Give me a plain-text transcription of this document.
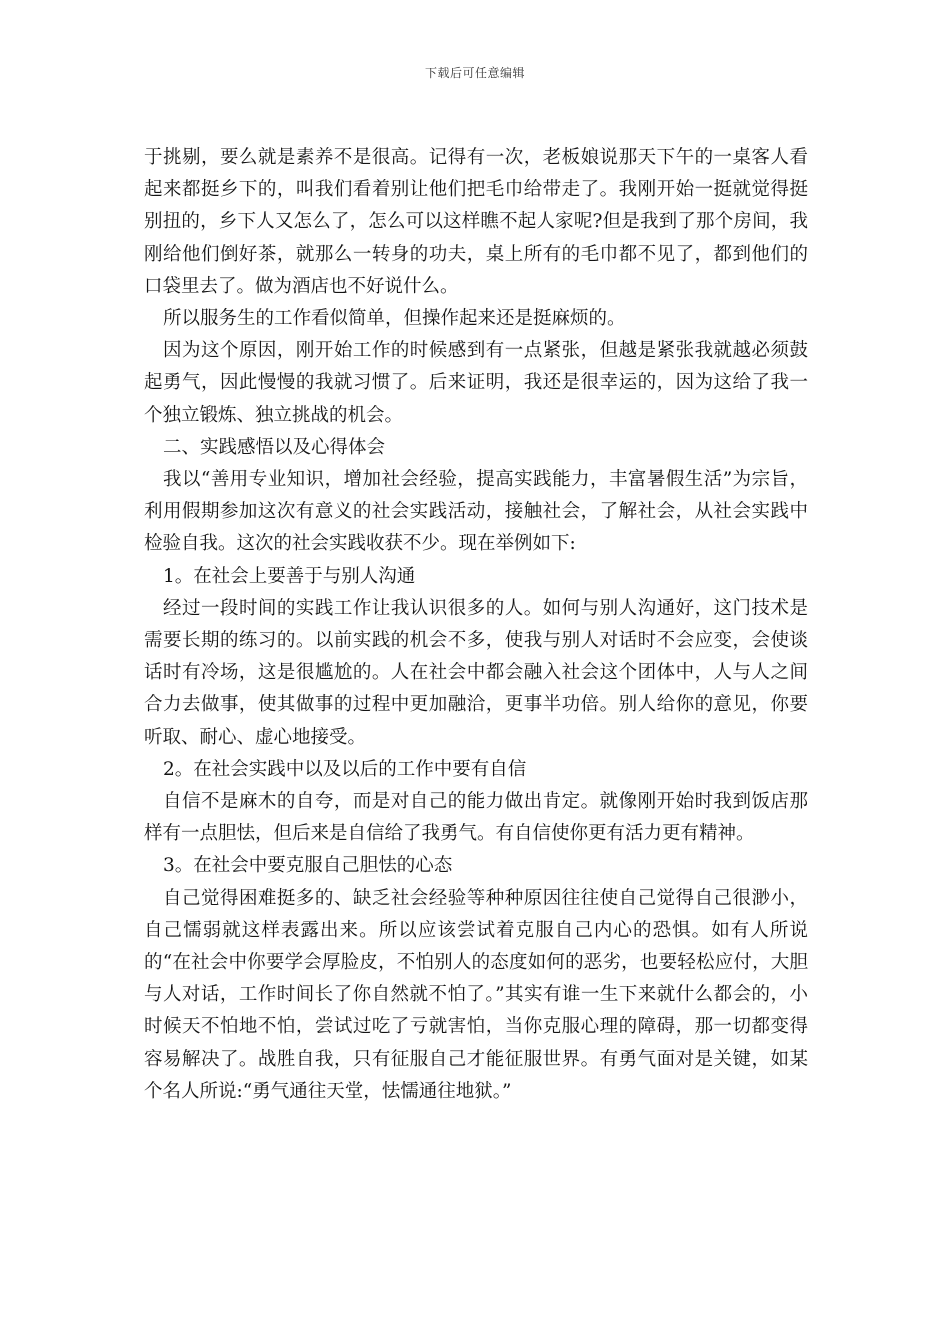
下载后可任意编辑

于挑剔，要么就是素养不是很高。记得有一次，老板娘说那天下午的一桌客人看起来都挺乡下的，叫我们看着别让他们把毛巾给带走了。我刚开始一挺就觉得挺别扭的，乡下人又怎么了，怎么可以这样瞧不起人家呢?但是我到了那个房间，我刚给他们倒好茶，就那么一转身的功夫，桌上所有的毛巾都不见了，都到他们的口袋里去了。做为酒店也不好说什么。

所以服务生的工作看似简单，但操作起来还是挺麻烦的。

因为这个原因，刚开始工作的时候感到有一点紧张，但越是紧张我就越必须鼓起勇气，因此慢慢的我就习惯了。后来证明，我还是很幸运的，因为这给了我一个独立锻炼、独立挑战的机会。

二、实践感悟以及心得体会

我以“善用专业知识，增加社会经验，提高实践能力，丰富暑假生活”为宗旨，利用假期参加这次有意义的社会实践活动，接触社会，了解社会，从社会实践中检验自我。这次的社会实践收获不少。现在举例如下:

1。在社会上要善于与别人沟通

经过一段时间的实践工作让我认识很多的人。如何与别人沟通好，这门技术是需要长期的练习的。以前实践的机会不多，使我与别人对话时不会应变，会使谈话时有冷场，这是很尴尬的。人在社会中都会融入社会这个团体中，人与人之间合力去做事，使其做事的过程中更加融洽，更事半功倍。别人给你的意见，你要听取、耐心、虚心地接受。

2。在社会实践中以及以后的工作中要有自信

自信不是麻木的自夸，而是对自己的能力做出肯定。就像刚开始时我到饭店那样有一点胆怯，但后来是自信给了我勇气。有自信使你更有活力更有精神。

3。在社会中要克服自己胆怯的心态

自己觉得困难挺多的、缺乏社会经验等种种原因往往使自己觉得自己很渺小，自己懦弱就这样表露出来。所以应该尝试着克服自己内心的恐惧。如有人所说的“在社会中你要学会厚脸皮，不怕别人的态度如何的恶劣，也要轻松应付，大胆与人对话，工作时间长了你自然就不怕了。”其实有谁一生下来就什么都会的，小时候天不怕地不怕，尝试过吃了亏就害怕，当你克服心理的障碍，那一切都变得容易解决了。战胜自我，只有征服自己才能征服世界。有勇气面对是关键，如某个名人所说:“勇气通往天堂，怯懦通往地狱。”
